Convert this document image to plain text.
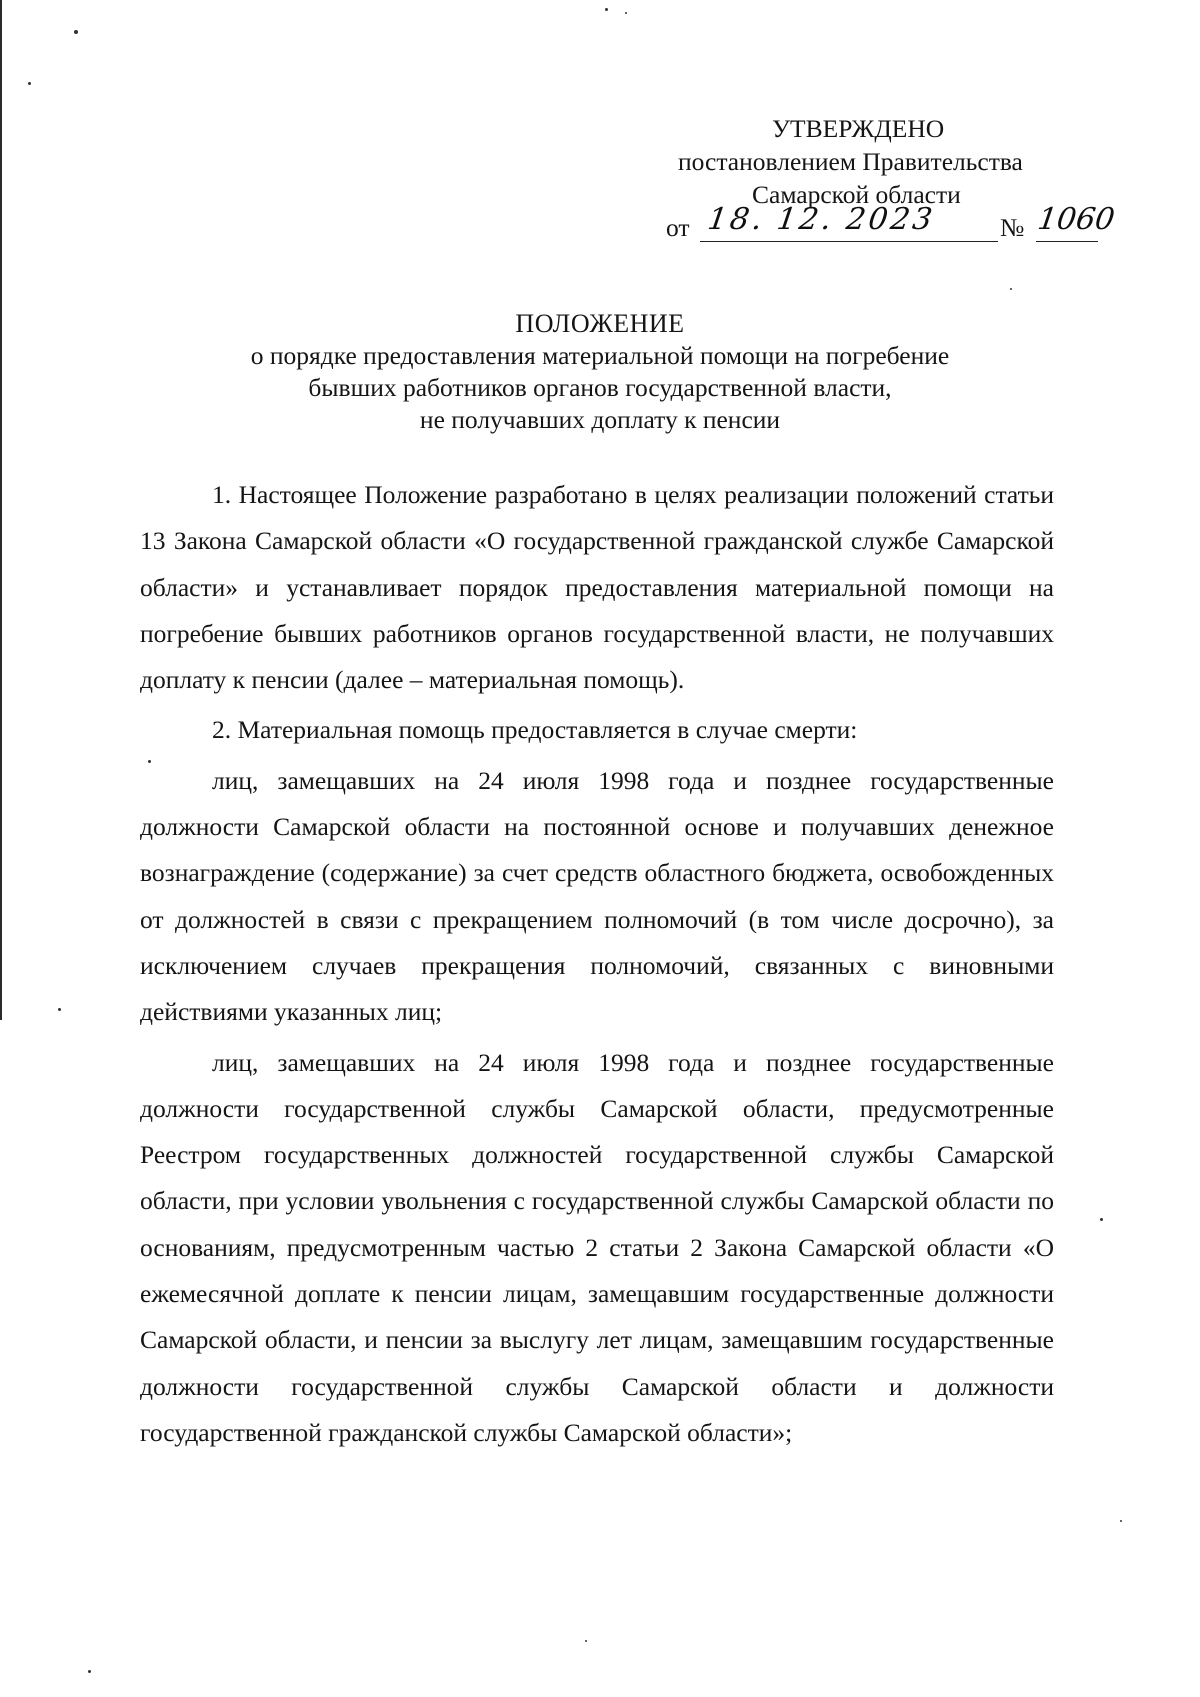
УТВЕРЖДЕНО
постановлением Правительства
Самарской области
от 18. 12. 2023 № 1060
ПОЛОЖЕНИЕ
о порядке предоставления материальной помощи на погребение
бывших работников органов государственной власти,
не получавших доплату к пенсии

1. Настоящее Положение разработано в целях реализации положений статьи 13 Закона Самарской области «О государственной гражданской службе Самарской области» и устанавливает порядок предоставления материальной помощи на погребение бывших работников органов государственной власти, не получавших доплату к пенсии (далее – материальная помощь).

2. Материальная помощь предоставляется в случае смерти:

лиц, замещавших на 24 июля 1998 года и позднее государственные должности Самарской области на постоянной основе и получавших денежное вознаграждение (содержание) за счет средств областного бюджета, освобожденных от должностей в связи с прекращением полномочий (в том числе досрочно), за исключением случаев прекращения полномочий, связанных с виновными действиями указанных лиц;

лиц, замещавших на 24 июля 1998 года и позднее государственные должности государственной службы Самарской области, предусмотренные Реестром государственных должностей государственной службы Самарской области, при условии увольнения с государственной службы Самарской области по основаниям, предусмотренным частью 2 статьи 2 Закона Самарской области «О ежемесячной доплате к пенсии лицам, замещавшим государственные должности Самарской области, и пенсии за выслугу лет лицам, замещавшим государственные должности государственной службы Самарской области и должности государственной гражданской службы Самарской области»;
